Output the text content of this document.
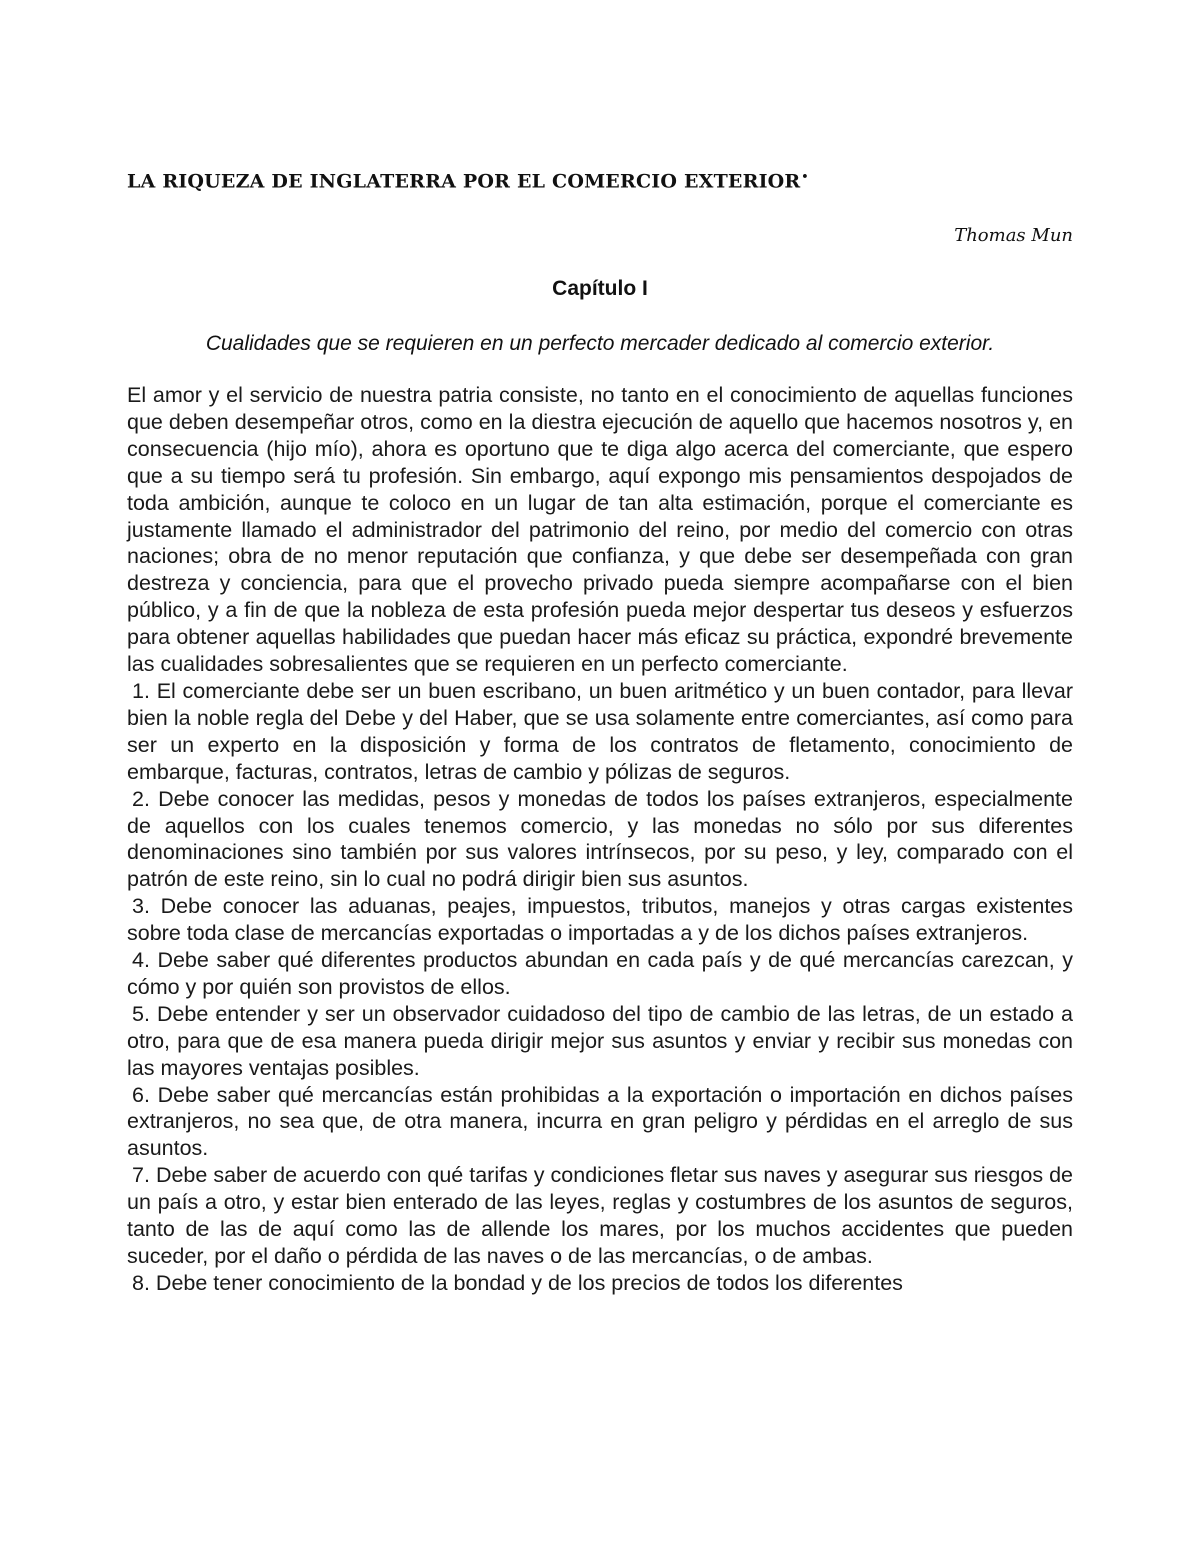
LA RIQUEZA DE INGLATERRA POR EL COMERCIO EXTERIOR•
Thomas Mun
Capítulo I
Cualidades que se requieren en un perfecto mercader dedicado al comercio exterior.

El amor y el servicio de nuestra patria consiste, no tanto en el conocimiento de aquellas funciones que deben desempeñar otros, como en la diestra ejecución de aquello que hacemos nosotros y, en consecuencia (hijo mío), ahora es oportuno que te diga algo acerca del comerciante, que espero que a su tiempo será tu profesión. Sin embargo, aquí expongo mis pensamientos despojados de toda ambición, aunque te coloco en un lugar de tan alta estimación, porque el comerciante es justamente llamado el administrador del patrimonio del reino, por medio del comercio con otras naciones; obra de no menor reputación que confianza, y que debe ser desempeñada con gran destreza y conciencia, para que el provecho privado pueda siempre acompañarse con el bien público, y a fin de que la nobleza de esta profesión pueda mejor despertar tus deseos y esfuerzos para obtener aquellas habilidades que puedan hacer más eficaz su práctica, expondré brevemente las cualidades sobresalientes que se requieren en un perfecto comerciante.

1. El comerciante debe ser un buen escribano, un buen aritmético y un buen contador, para llevar bien la noble regla del Debe y del Haber, que se usa solamente entre comerciantes, así como para ser un experto en la disposición y forma de los contratos de fletamento, conocimiento de embarque, facturas, contratos, letras de cambio y pólizas de seguros.

2. Debe conocer las medidas, pesos y monedas de todos los países extranjeros, especialmente de aquellos con los cuales tenemos comercio, y las monedas no sólo por sus diferentes denominaciones sino también por sus valores intrínsecos, por su peso, y ley, comparado con el patrón de este reino, sin lo cual no podrá dirigir bien sus asuntos.

3. Debe conocer las aduanas, peajes, impuestos, tributos, manejos y otras cargas existentes sobre toda clase de mercancías exportadas o importadas a y de los dichos países extranjeros.

4. Debe saber qué diferentes productos abundan en cada país y de qué mercancías carezcan, y cómo y por quién son provistos de ellos.

5. Debe entender y ser un observador cuidadoso del tipo de cambio de las letras, de un estado a otro, para que de esa manera pueda dirigir mejor sus asuntos y enviar y recibir sus monedas con las mayores ventajas posibles.

6. Debe saber qué mercancías están prohibidas a la exportación o importación en dichos países extranjeros, no sea que, de otra manera, incurra en gran peligro y pérdidas en el arreglo de sus asuntos.

7. Debe saber de acuerdo con qué tarifas y condiciones fletar sus naves y asegurar sus riesgos de un país a otro, y estar bien enterado de las leyes, reglas y costumbres de los asuntos de seguros, tanto de las de aquí como las de allende los mares, por los muchos accidentes que pueden suceder, por el daño o pérdida de las naves o de las mercancías, o de ambas.

8. Debe tener conocimiento de la bondad y de los precios de todos los diferentes
